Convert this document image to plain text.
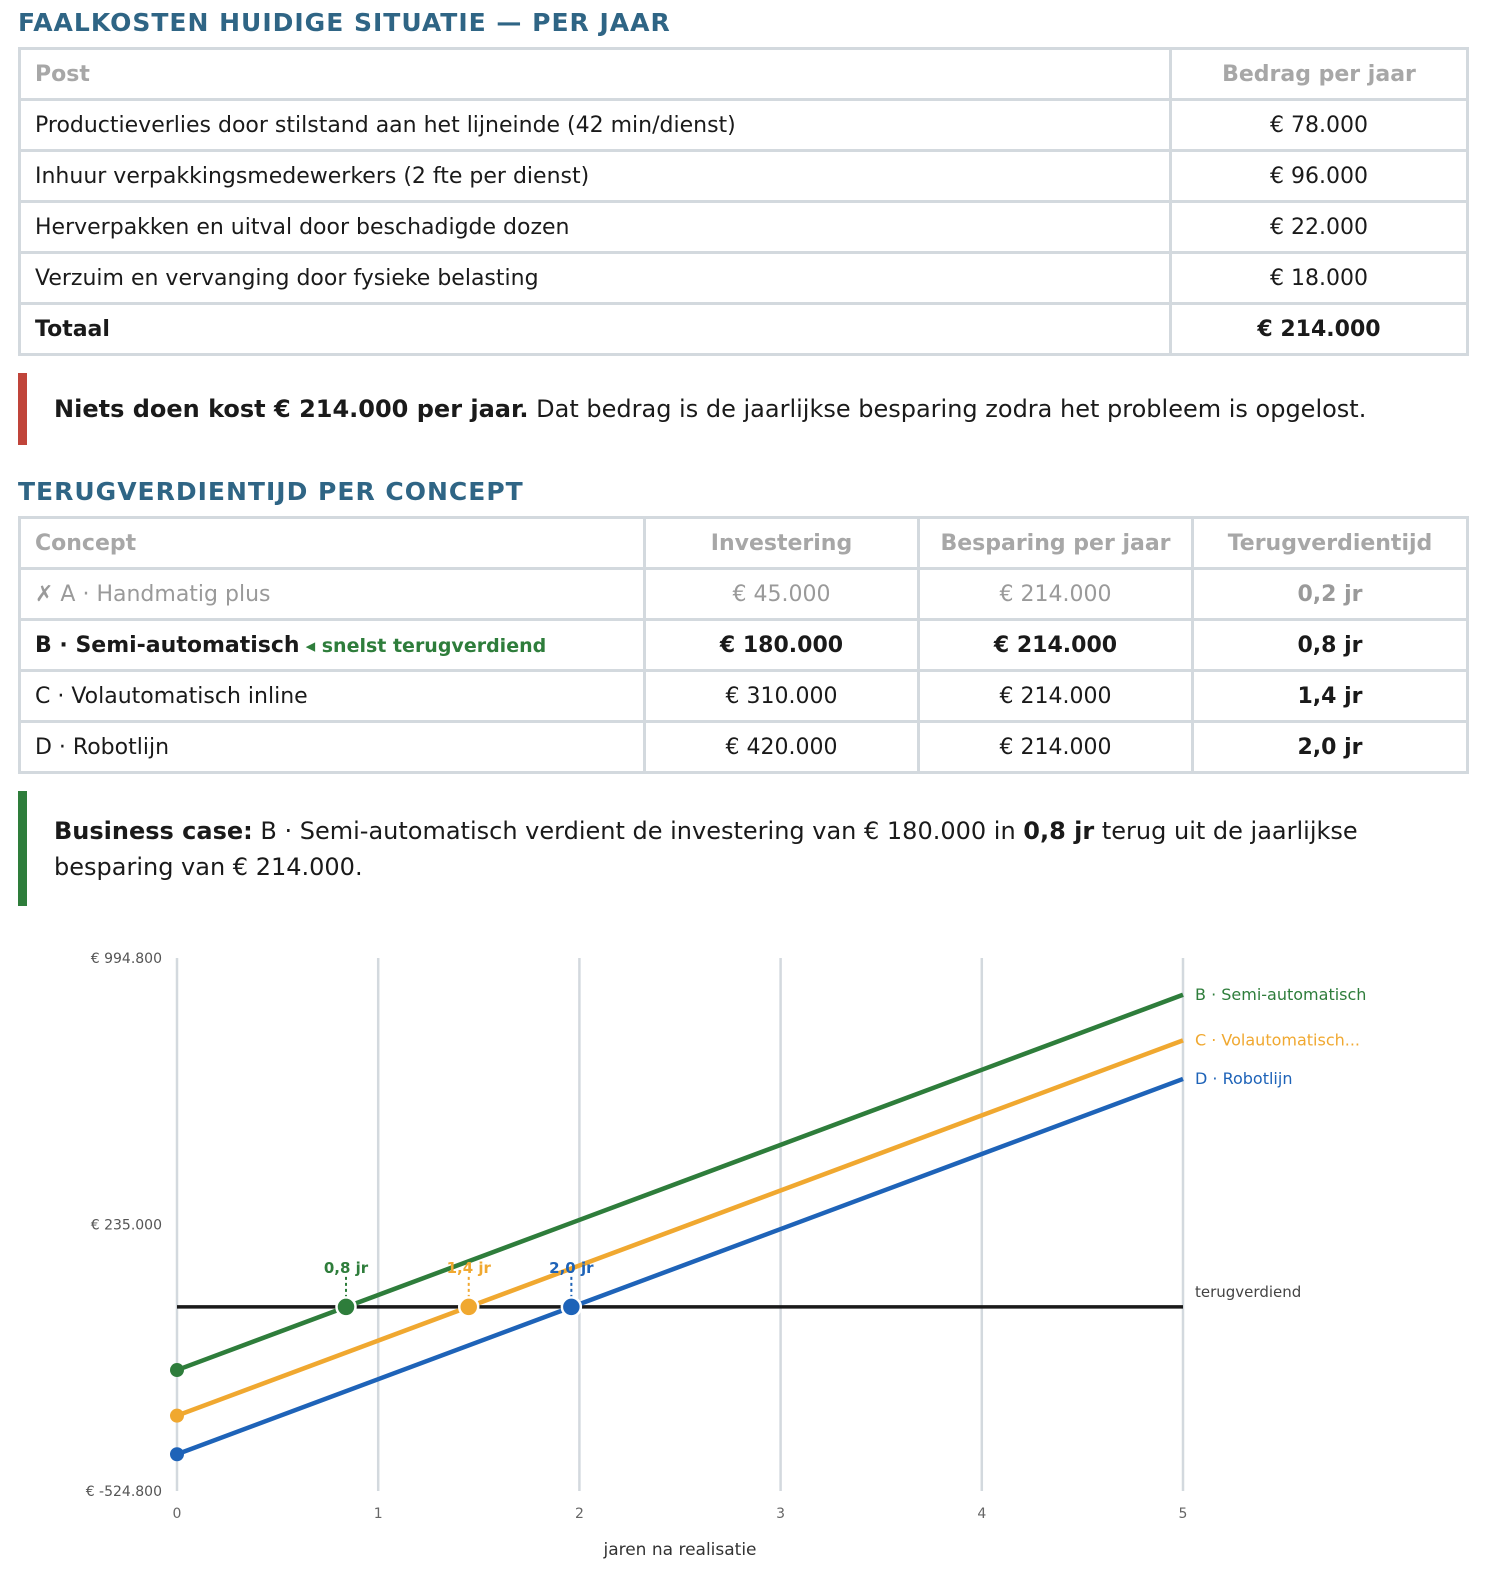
FAALKOSTEN HUIDIGE SITUATIE — PER JAAR
Post	Bedrag per jaar
Productieverlies door stilstand aan het lijneinde (42 min/dienst)	€ 78.000
Inhuur verpakkingsmedewerkers (2 fte per dienst)	€ 96.000
Herverpakken en uitval door beschadigde dozen	€ 22.000
Verzuim en vervanging door fysieke belasting	€ 18.000
Totaal	€ 214.000
Niets doen kost € 214.000 per jaar. Dat bedrag is de jaarlijkse besparing zodra het probleem is opgelost.
TERUGVERDIENTIJD PER CONCEPT
Concept	Investering	Besparing per jaar	Terugverdientijd
✗ A · Handmatig plus	€ 45.000	€ 214.000	0,2 jr
B · Semi-automatisch ◂ snelst terugverdiend	€ 180.000	€ 214.000	0,8 jr
C · Volautomatisch inline	€ 310.000	€ 214.000	1,4 jr
D · Robotlijn	€ 420.000	€ 214.000	2,0 jr
Business case: B · Semi-automatisch verdient de investering van € 180.000 in 0,8 jr terug uit de jaarlijkse besparing van € 214.000.
0	1	2	3	4	5
€ 994.800
€ 235.000
€ -524.800
jaren na realisatie
terugverdiend
B · Semi-automatisch
0,8 jr
C · Volautomatisch...
1,4 jr
D · Robotlijn
2,0 jr
